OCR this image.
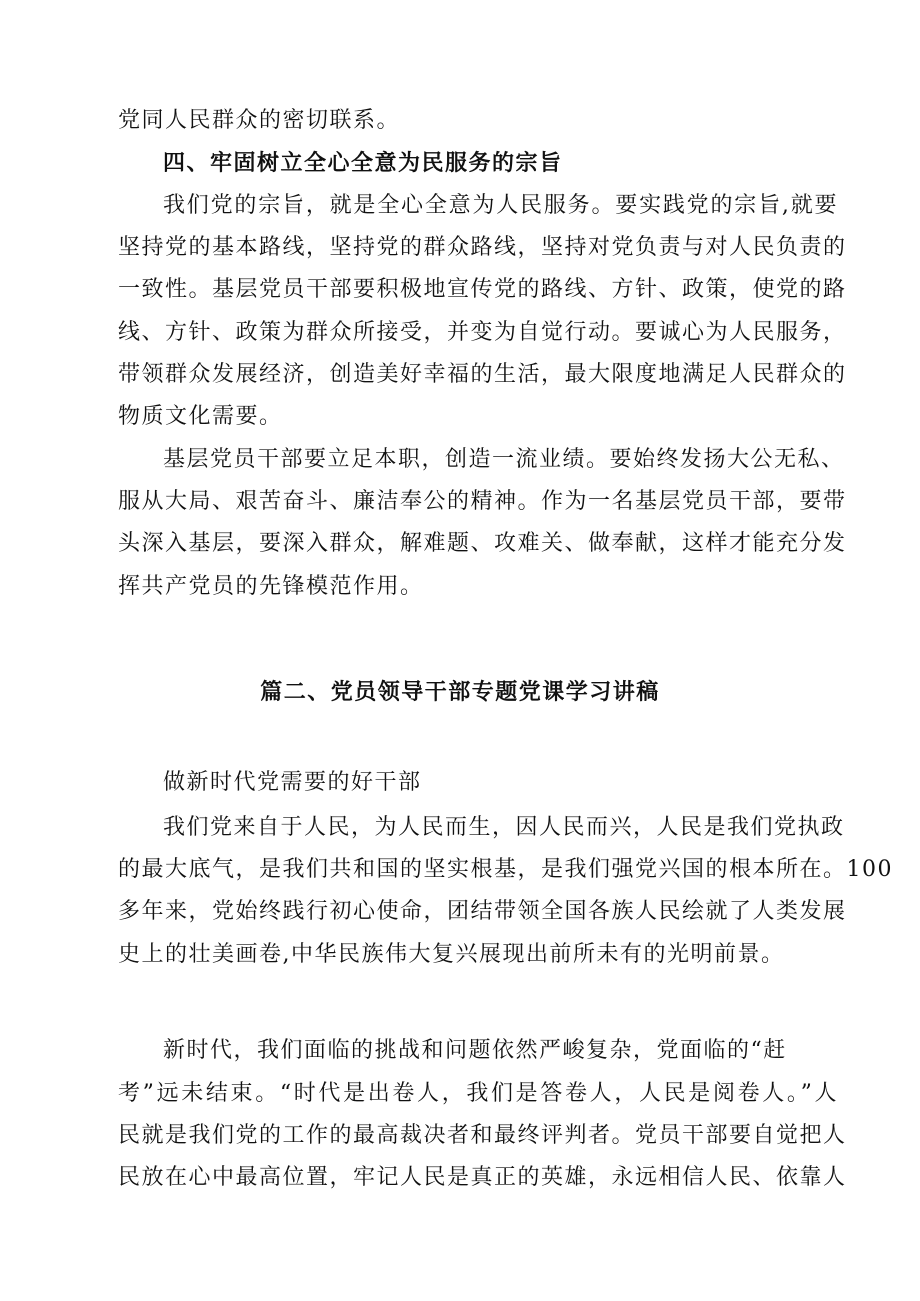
党同人民群众的密切联系。
四、牢固树立全心全意为民服务的宗旨
我们党的宗旨，就是全心全意为人民服务。要实践党的宗旨,就要
坚持党的基本路线，坚持党的群众路线，坚持对党负责与对人民负责的
一致性。基层党员干部要积极地宣传党的路线、方针、政策，使党的路
线、方针、政策为群众所接受，并变为自觉行动。要诚心为人民服务，
带领群众发展经济，创造美好幸福的生活，最大限度地满足人民群众的
物质文化需要。
基层党员干部要立足本职，创造一流业绩。要始终发扬大公无私、
服从大局、艰苦奋斗、廉洁奉公的精神。作为一名基层党员干部，要带
头深入基层，要深入群众，解难题、攻难关、做奉献，这样才能充分发
挥共产党员的先锋模范作用。
篇二、党员领导干部专题党课学习讲稿
做新时代党需要的好干部
我们党来自于人民，为人民而生，因人民而兴，人民是我们党执政
的最大底气，是我们共和国的坚实根基，是我们强党兴国的根本所在。100
多年来，党始终践行初心使命，团结带领全国各族人民绘就了人类发展
史上的壮美画卷,中华民族伟大复兴展现出前所未有的光明前景。
新时代，我们面临的挑战和问题依然严峻复杂，党面临的“赶
考”远未结束。“时代是出卷人，我们是答卷人，人民是阅卷人。”人
民就是我们党的工作的最高裁决者和最终评判者。党员干部要自觉把人
民放在心中最高位置，牢记人民是真正的英雄，永远相信人民、依靠人
